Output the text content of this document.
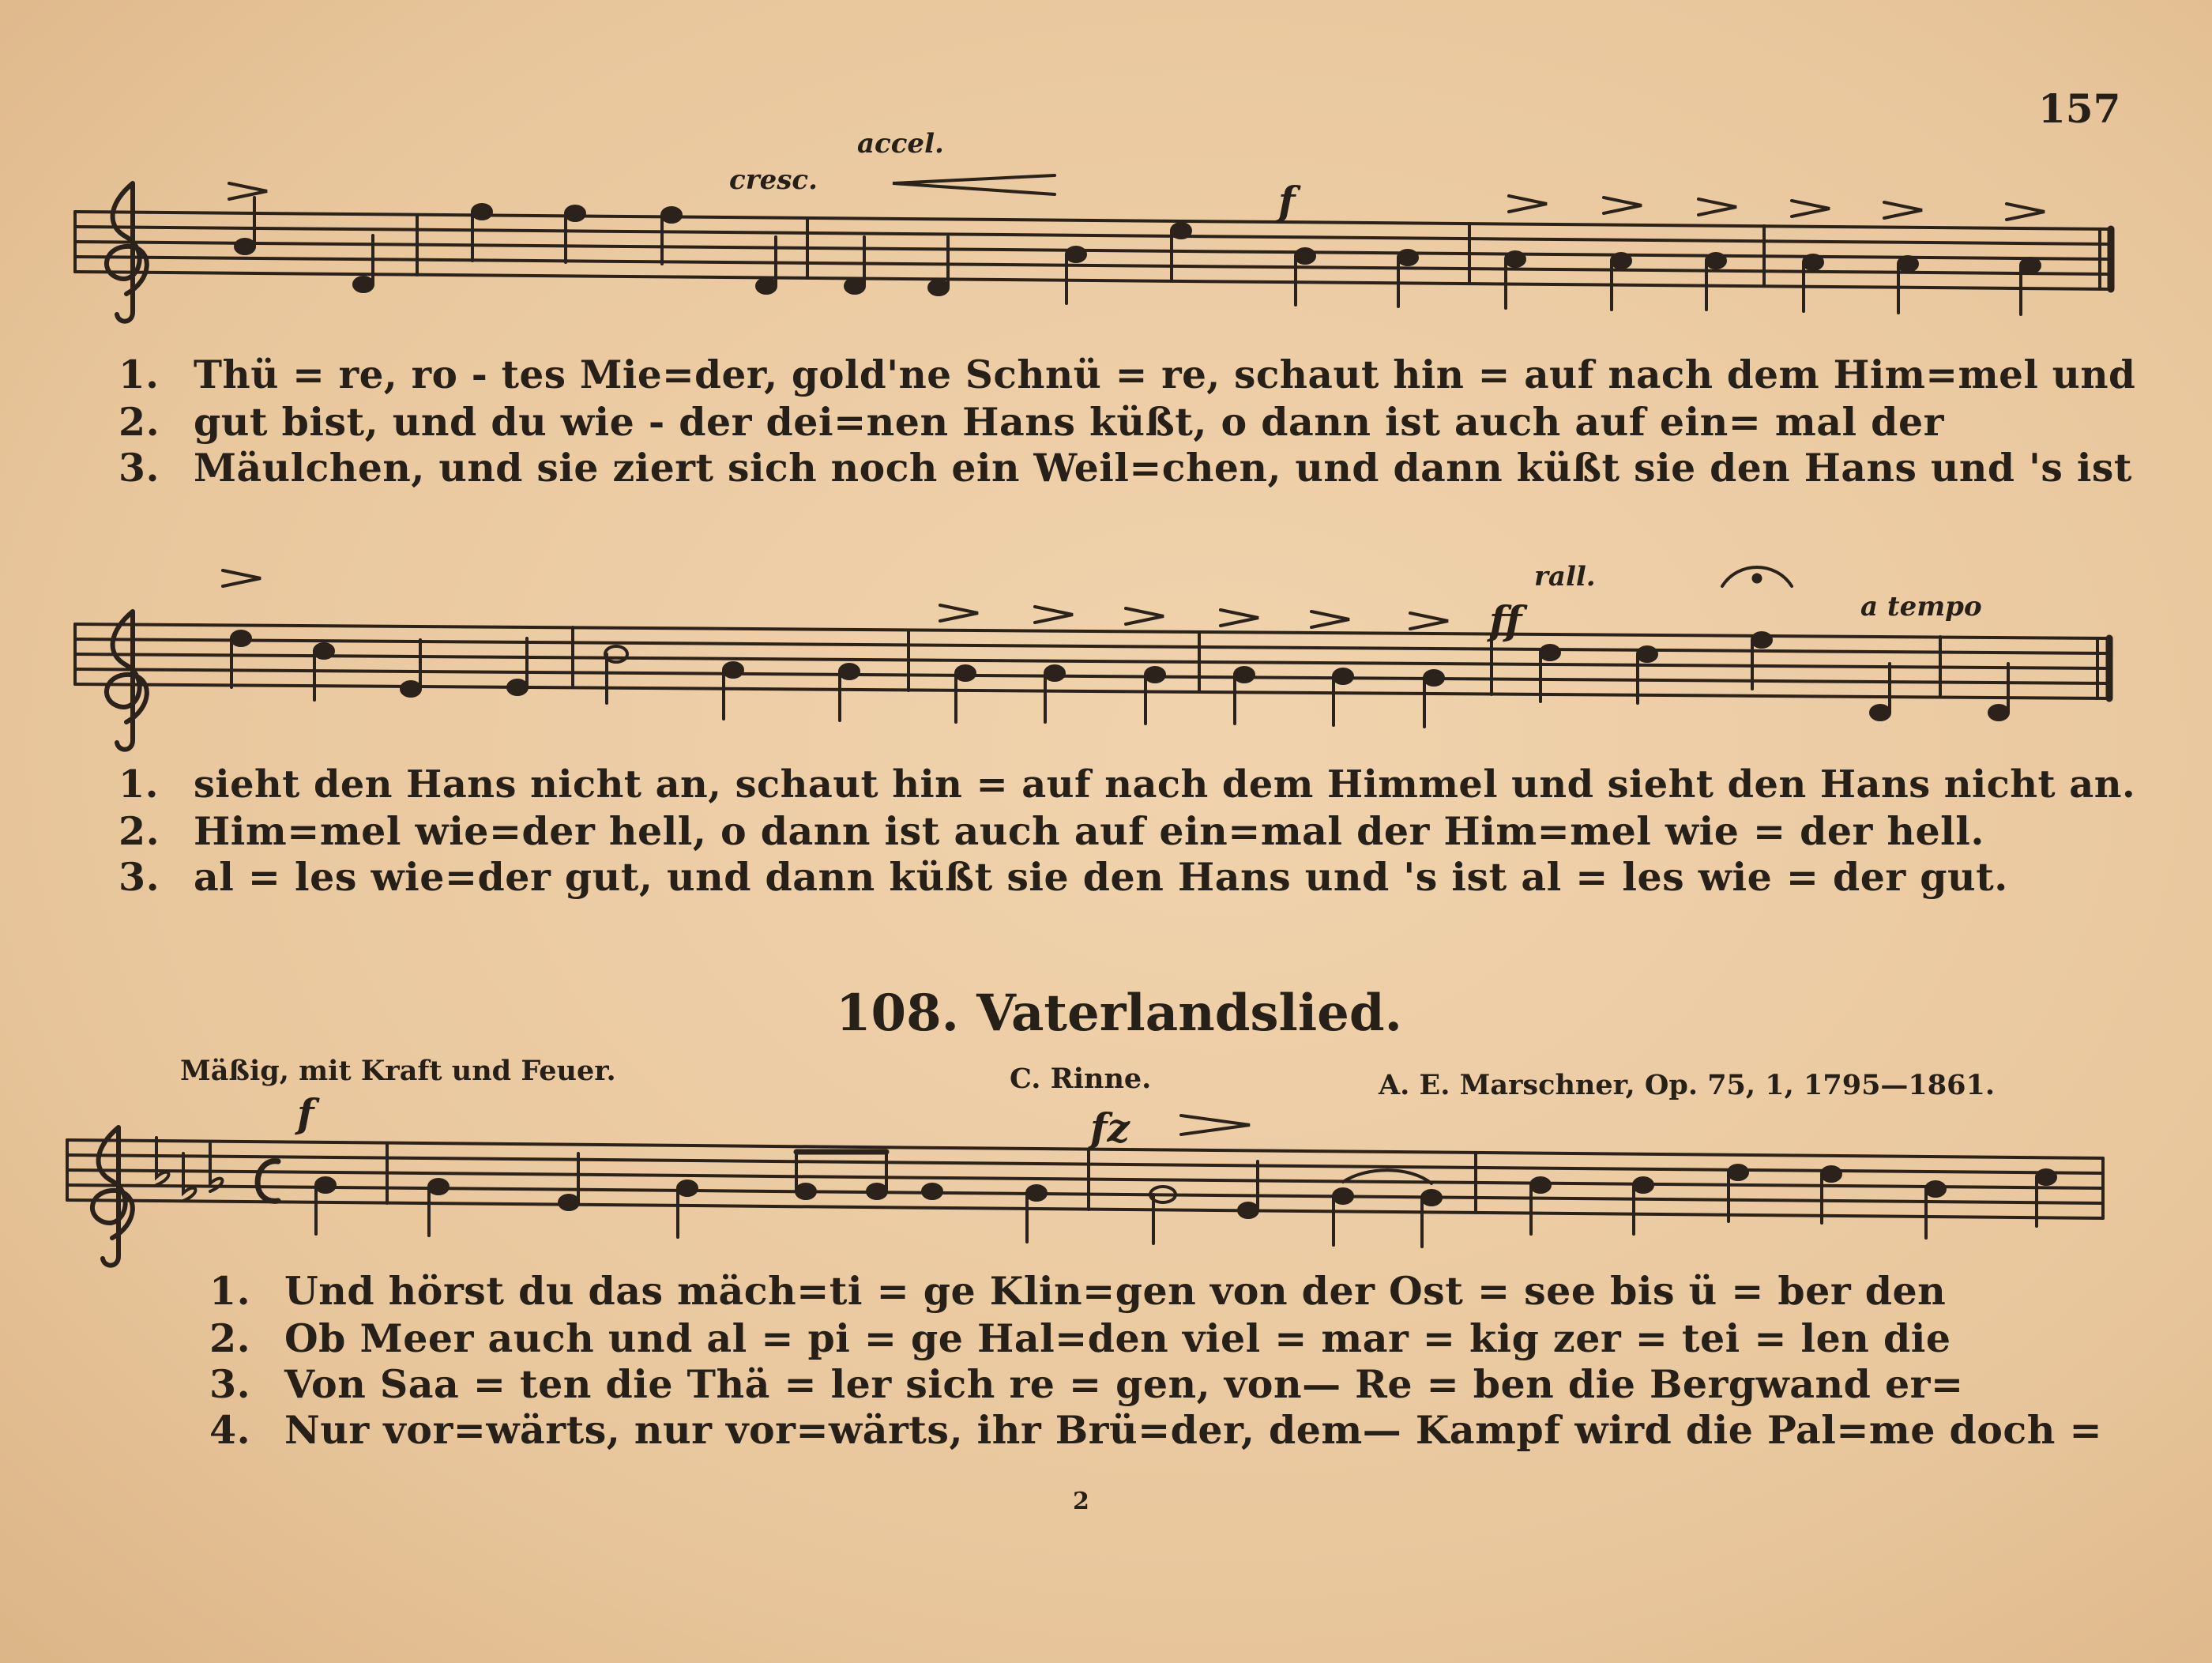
157
accel.
cresc.	f
1. Thü = re, ro - tes Mie=der, gold'ne Schnü = re, schaut hin = auf nach dem Him=mel und
2. gut bist, und du wie - der dei=nen Hans küßt, o dann ist auch auf ein= mal der
3. Mäulchen, und sie ziert sich noch ein Weil=chen, und dann küßt sie den Hans und 's ist
rall.
ff	a tempo
1. sieht den Hans nicht an, schaut hin = auf nach dem Himmel und sieht den Hans nicht an.
2. Him=mel wie=der hell, o dann ist auch auf ein=mal der Him=mel wie = der hell.
3. al = les wie=der gut, und dann küßt sie den Hans und 's ist al = les wie = der gut.
108. Vaterlandslied.
Mäßig, mit Kraft und Feuer.	C. Rinne.	A. E. Marschner, Op. 75, 1, 1795—1861.
f	fz
1. Und hörst du das mäch=ti = ge Klin=gen von der Ost = see bis ü = ber den
2. Ob Meer auch und al = pi = ge Hal=den viel = mar = kig zer = tei = len die
3. Von Saa = ten die Thä = ler sich re = gen, von— Re = ben die Bergwand er=
4. Nur vor=wärts, nur vor=wärts, ihr Brü=der, dem— Kampf wird die Pal=me doch =
2
